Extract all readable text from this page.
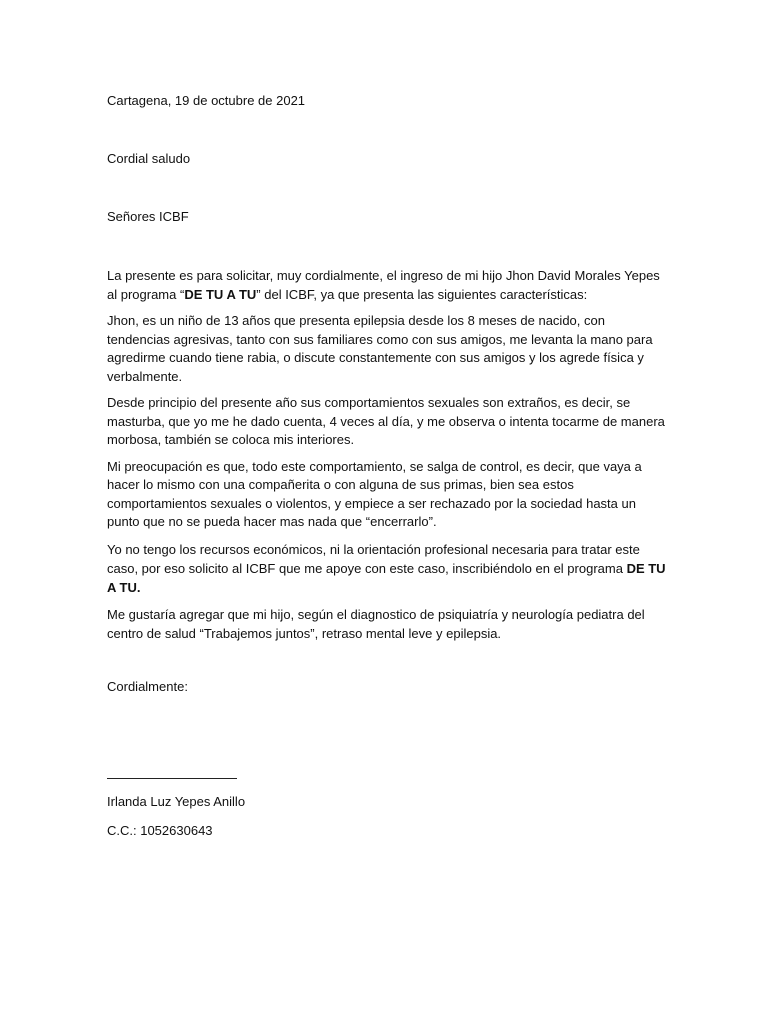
Cartagena, 19 de octubre de 2021

Cordial saludo

Señores ICBF

La presente es para solicitar, muy cordialmente, el ingreso de mi hijo Jhon David Morales Yepes al programa “DE TU A TU” del ICBF, ya que presenta las siguientes características:

Jhon, es un niño de 13 años que presenta epilepsia desde los 8 meses de nacido, con tendencias agresivas, tanto con sus familiares como con sus amigos, me levanta la mano para agredirme cuando tiene rabia, o discute constantemente con sus amigos y los agrede física y verbalmente.

Desde principio del presente año sus comportamientos sexuales son extraños, es decir, se masturba, que yo me he dado cuenta, 4 veces al día, y me observa o intenta tocarme de manera morbosa, también se coloca mis interiores.

Mi preocupación es que, todo este comportamiento, se salga de control, es decir, que vaya a hacer lo mismo con una compañerita o con alguna de sus primas, bien sea estos comportamientos sexuales o violentos, y empiece a ser rechazado por la sociedad hasta un punto que no se pueda hacer mas nada que “encerrarlo”.

Yo no tengo los recursos económicos, ni la orientación profesional necesaria para tratar este caso, por eso solicito al ICBF que me apoye con este caso, inscribiéndolo en el programa DE TU A TU.

Me gustaría agregar que mi hijo, según el diagnostico de psiquiatría y neurología pediatra del centro de salud “Trabajemos juntos”, retraso mental leve y epilepsia.

Cordialmente:

Irlanda Luz Yepes Anillo

C.C.: 1052630643
